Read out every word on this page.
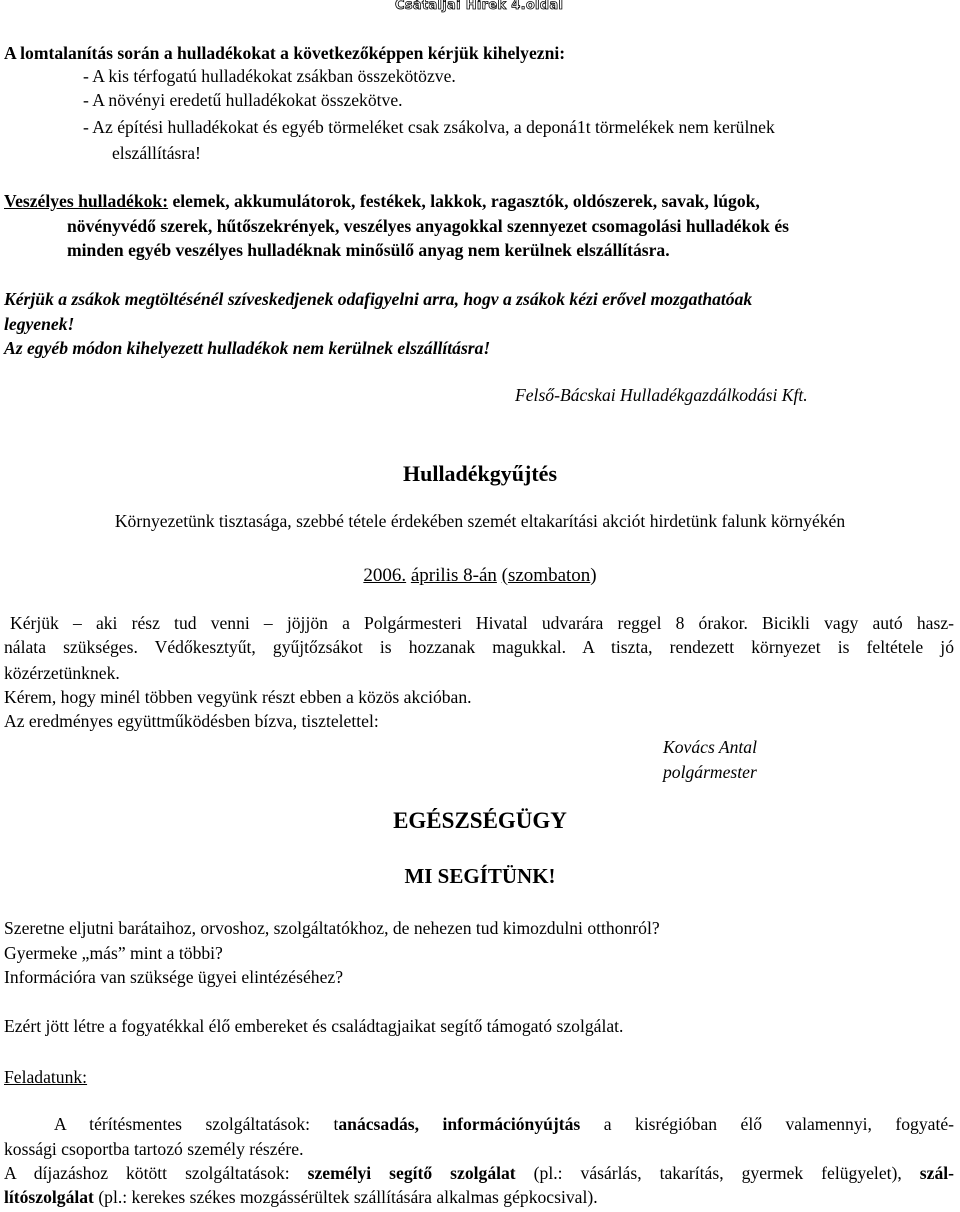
Csátaljai Hírek 4.oldal
A lomtalanítás során a hulladékokat a következőképpen kérjük kihelyezni:
- A kis térfogatú hulladékokat zsákban összekötözve.
- A növényi eredetű hulladékokat összekötve.
- Az építési hulladékokat és egyéb törmeléket csak zsákolva, a deponá1t törmelékek nem kerülnek
elszállításra!
Veszélyes hulladékok: elemek, akkumulátorok, festékek, lakkok, ragasztók, oldószerek, savak, lúgok,
növényvédő szerek, hűtőszekrények, veszélyes anyagokkal szennyezet csomagolási hulladékok és
minden egyéb veszélyes hulladéknak minősülő anyag nem kerülnek elszállításra.
Kérjük a zsákok megtöltésénél szíveskedjenek odafigyelni arra, hogv a zsákok kézi erővel mozgathatóak
legyenek!
Az egyéb módon kihelyezett hulladékok nem kerülnek elszállításra!
Felső-Bácskai Hulladékgazdálkodási Kft.
Hulladékgyűjtés
Környezetünk tisztasága, szebbé tétele érdekében szemét eltakarítási akciót hirdetünk falunk környékén
2006. április 8-án (szombaton)
Kérjük – aki rész tud venni – jöjjön a Polgármesteri Hivatal udvarára reggel 8 órakor. Bicikli vagy autó hasz-
nálata szükséges. Védőkesztyűt, gyűjtőzsákot is hozzanak magukkal. A tiszta, rendezett környezet is feltétele jó
közérzetünknek.
Kérem, hogy minél többen vegyünk részt ebben a közös akcióban.
Az eredményes együttműködésben bízva, tisztelettel:
Kovács Antal
polgármester
EGÉSZSÉGÜGY
MI SEGÍTÜNK!
Szeretne eljutni barátaihoz, orvoshoz, szolgáltatókhoz, de nehezen tud kimozdulni otthonról?
Gyermeke „más” mint a többi?
Információra van szüksége ügyei elintézéséhez?
Ezért jött létre a fogyatékkal élő embereket és családtagjaikat segítő támogató szolgálat.
Feladatunk:
A térítésmentes szolgáltatások: tanácsadás, információnyújtás a kisrégióban élő valamennyi, fogyaté-
kossági csoportba tartozó személy részére.
A díjazáshoz kötött szolgáltatások: személyi segítő szolgálat (pl.: vásárlás, takarítás, gyermek felügyelet), szál-
lítószolgálat (pl.: kerekes székes mozgássérültek szállítására alkalmas gépkocsival).
